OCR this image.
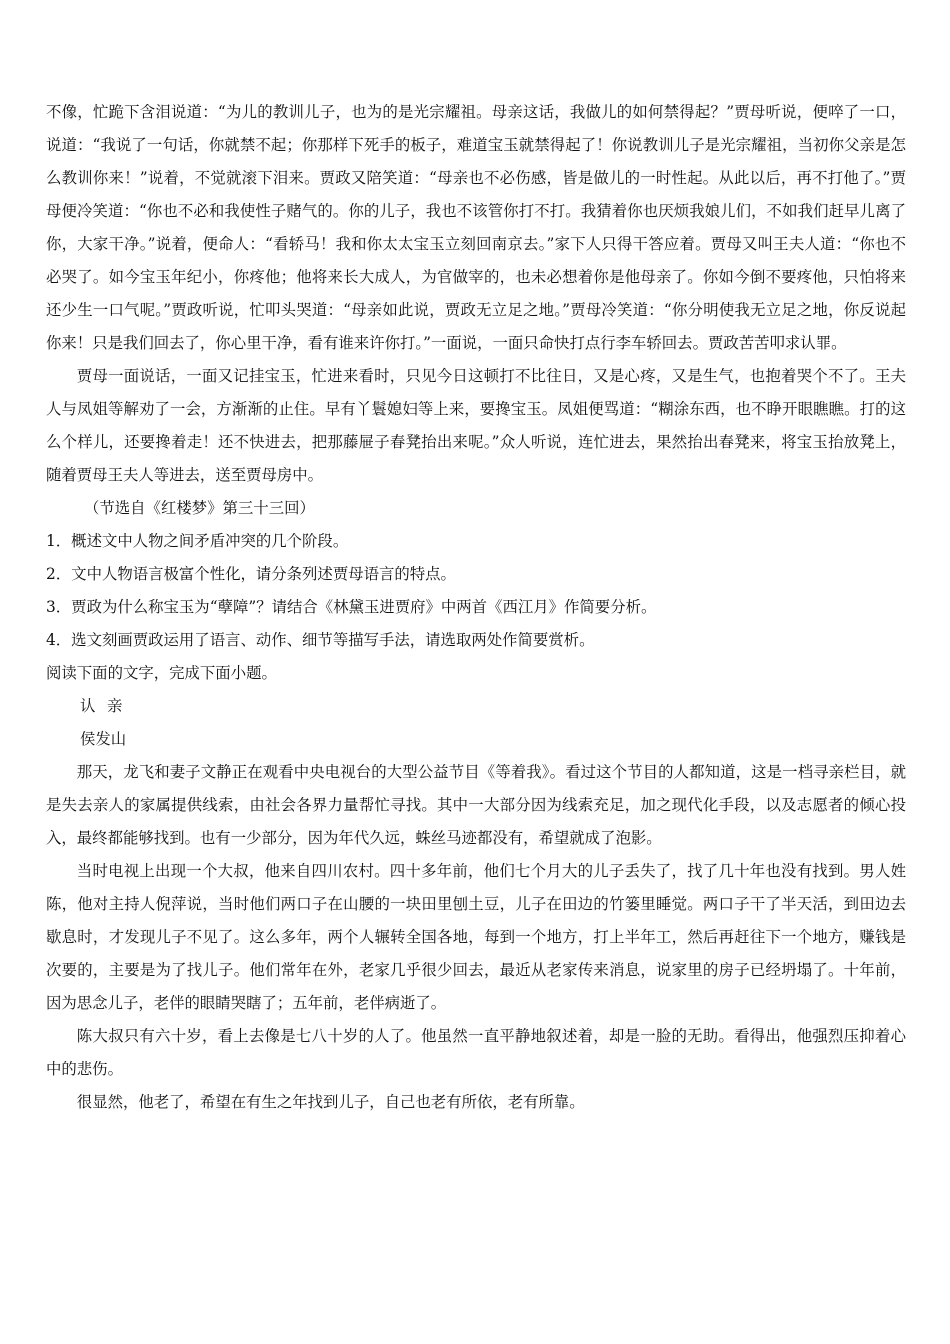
不像，忙跪下含泪说道：“为儿的教训儿子，也为的是光宗耀祖。母亲这话，我做儿的如何禁得起？”贾母听说，便啐了一口，说道：“我说了一句话，你就禁不起；你那样下死手的板子，难道宝玉就禁得起了！你说教训儿子是光宗耀祖，当初你父亲是怎么教训你来！”说着，不觉就滚下泪来。贾政又陪笑道：“母亲也不必伤感，皆是做儿的一时性起。从此以后，再不打他了。”贾母便冷笑道：“你也不必和我使性子赌气的。你的儿子，我也不该管你打不打。我猜着你也厌烦我娘儿们，不如我们赶早儿离了你，大家干净。”说着，便命人：“看轿马！我和你太太宝玉立刻回南京去。”家下人只得干答应着。贾母又叫王夫人道：“你也不必哭了。如今宝玉年纪小，你疼他；他将来长大成人，为官做宰的，也未必想着你是他母亲了。你如今倒不要疼他，只怕将来还少生一口气呢。”贾政听说，忙叩头哭道：“母亲如此说，贾政无立足之地。”贾母冷笑道：“你分明使我无立足之地，你反说起你来！只是我们回去了，你心里干净，看有谁来许你打。”一面说，一面只命快打点行李车轿回去。贾政苦苦叩求认罪。

贾母一面说话，一面又记挂宝玉，忙进来看时，只见今日这顿打不比往日，又是心疼，又是生气，也抱着哭个不了。王夫人与凤姐等解劝了一会，方渐渐的止住。早有丫鬟媳妇等上来，要搀宝玉。凤姐便骂道：“糊涂东西，也不睁开眼瞧瞧。打的这么个样儿，还要搀着走！还不快进去，把那藤屉子春凳抬出来呢。”众人听说，连忙进去，果然抬出春凳来，将宝玉抬放凳上，随着贾母王夫人等进去，送至贾母房中。

（节选自《红楼梦》第三十三回）

1．概述文中人物之间矛盾冲突的几个阶段。

2．文中人物语言极富个性化，请分条列述贾母语言的特点。

3．贾政为什么称宝玉为“孽障”？请结合《林黛玉进贾府》中两首《西江月》作简要分析。

4．选文刻画贾政运用了语言、动作、细节等描写手法，请选取两处作简要赏析。

阅读下面的文字，完成下面小题。

认亲

侯发山

那天，龙飞和妻子文静正在观看中央电视台的大型公益节目《等着我》。看过这个节目的人都知道，这是一档寻亲栏目，就是失去亲人的家属提供线索，由社会各界力量帮忙寻找。其中一大部分因为线索充足，加之现代化手段，以及志愿者的倾心投入，最终都能够找到。也有一少部分，因为年代久远，蛛丝马迹都没有，希望就成了泡影。

当时电视上出现一个大叔，他来自四川农村。四十多年前，他们七个月大的儿子丢失了，找了几十年也没有找到。男人姓陈，他对主持人倪萍说，当时他们两口子在山腰的一块田里刨土豆，儿子在田边的竹篓里睡觉。两口子干了半天活，到田边去歇息时，才发现儿子不见了。这么多年，两个人辗转全国各地，每到一个地方，打上半年工，然后再赶往下一个地方，赚钱是次要的，主要是为了找儿子。他们常年在外，老家几乎很少回去，最近从老家传来消息，说家里的房子已经坍塌了。十年前，因为思念儿子，老伴的眼睛哭瞎了；五年前，老伴病逝了。

陈大叔只有六十岁，看上去像是七八十岁的人了。他虽然一直平静地叙述着，却是一脸的无助。看得出，他强烈压抑着心中的悲伤。

很显然，他老了，希望在有生之年找到儿子，自己也老有所依，老有所靠。
